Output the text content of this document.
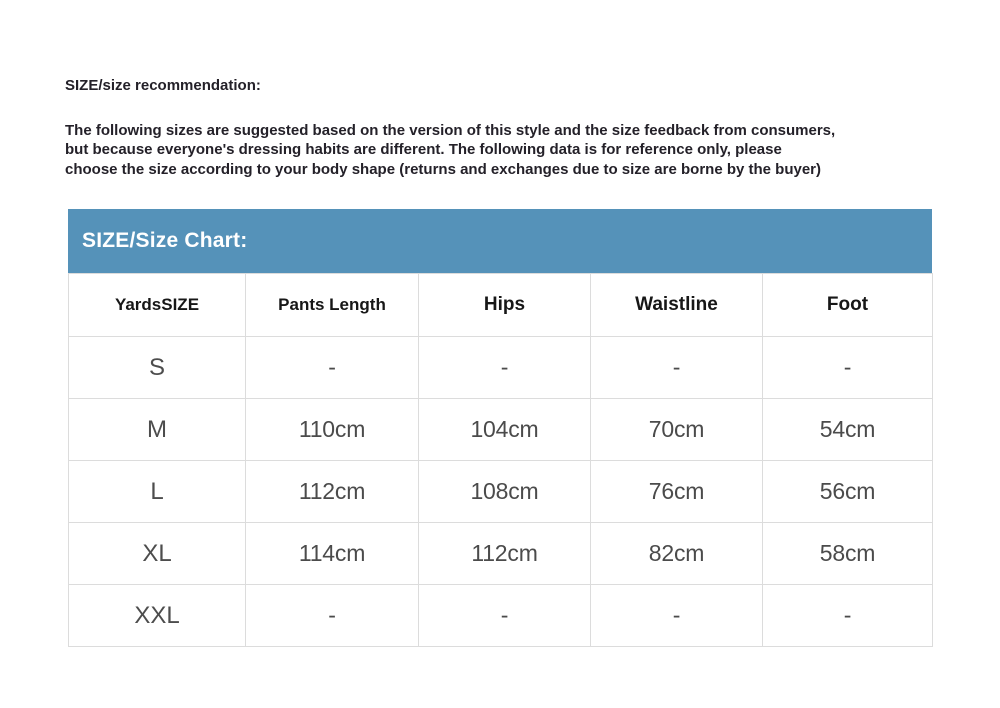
SIZE/size recommendation:
The following sizes are suggested based on the version of this style and the size feedback from consumers,
but because everyone's dressing habits are different. The following data is for reference only, please
choose the size according to your body shape (returns and exchanges due to size are borne by the buyer)
SIZE/Size Chart:
YardsSIZE	Pants Length	Hips	Waistline	Foot
S	-	-	-	-
M	110cm	104cm	70cm	54cm
L	112cm	108cm	76cm	56cm
XL	114cm	112cm	82cm	58cm
XXL	-	-	-	-
